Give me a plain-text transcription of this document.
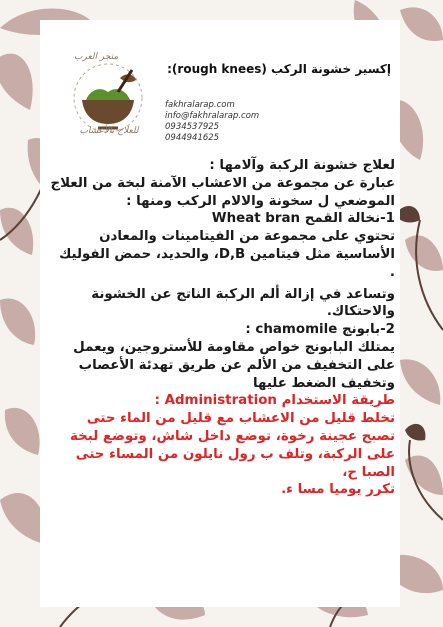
متجر العرب
للعلاج بالأعشاب
إكسير خشونة الركب (rough knees):
fakhralarap.com
info@fakhralarap.com
0934537925
0944941625

لعلاج خشونة الركبة وآلامها :

عبارة عن مجموعة من الاعشاب الآمنة لبخة من العلاج الموضعي ل سخونة والالام الركب ومنها :

1-نخالة القمح Wheat bran

تحتوي على مجموعة من الفيتامينات والمعادن الأساسية مثل فيتامين D,B، والحديد، حمض الفوليك .

وتساعد في إزالة ألم الركبة الناتج عن الخشونة والاحتكاك.

2-بابونج chamomile :

يمتلك البابونج خواص مقاومة للأستروجين، ويعمل على التخفيف من الألم عن طريق تهدئة الأعصاب وتخفيف الضغط عليها

طريقة الاستخدام Administration :

تخلط قليل من الاعشاب مع قليل من الماء حتى تصبح عجينة رخوة، توضع داخل شاش، وتوضع لبخة على الركبة، وتلف ب رول نايلون من المساء حتى الصبا ح،

تكرر يوميا مسا ء.
